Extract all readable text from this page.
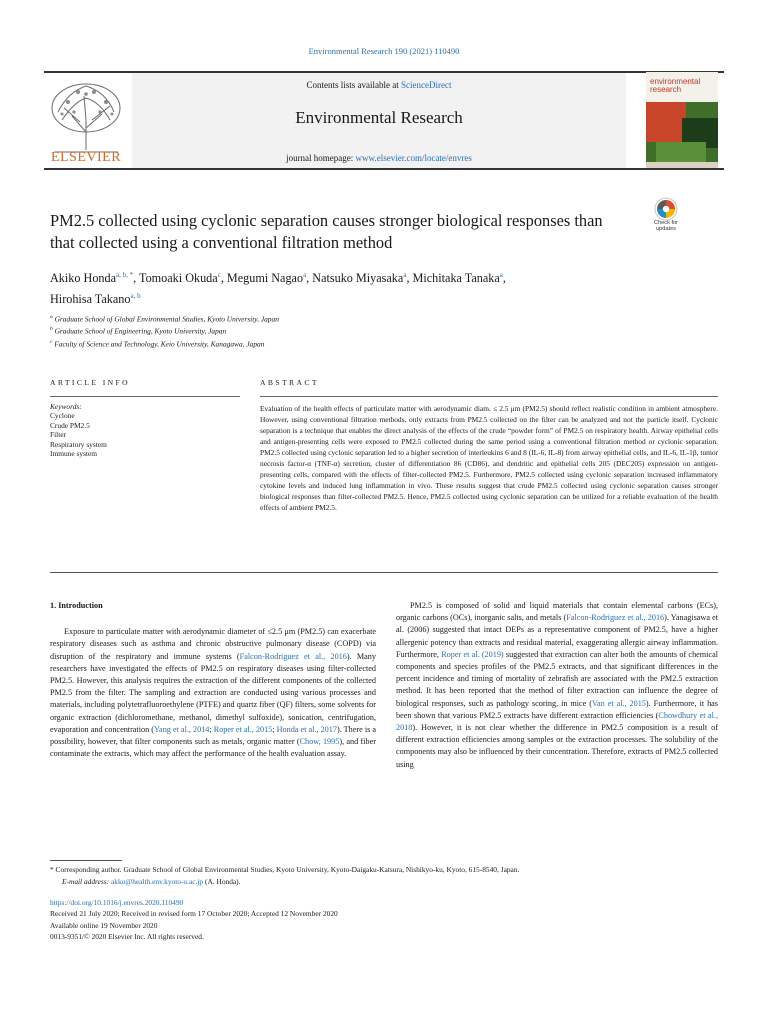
Environmental Research 190 (2021) 110490
ELSEVIER
Contents lists available at ScienceDirect
Environmental Research
journal homepage: www.elsevier.com/locate/envres
environmental research
Check for updates
PM2.5 collected using cyclonic separation causes stronger biological responses than that collected using a conventional filtration method
Akiko Honda$^{a, b, *}$, Tomoaki Okuda$^c$, Megumi Nagao$^a$, Natsuko Miyasaka$^a$, Michitaka Tanaka$^a$,
Hirohisa Takano$^{a, b}$
$^a$ Graduate School of Global Environmental Studies, Kyoto University, Japan
$^b$ Graduate School of Engineering, Kyoto University, Japan
$^c$ Faculty of Science and Technology, Keio University, Kanagawa, Japan
ARTICLE INFO	ABSTRACT
Keywords:
Cyclone
Crude PM2.5
Filter
Respiratory system
Immune system
Evaluation of the health effects of particulate matter with aerodynamic diam. ≤ 2.5 μm (PM2.5) should reflect realistic condition in ambient atmosphere. However, using conventional filtration methods, only extracts from PM2.5 collected on the filter can be analyzed and not the particle itself. Cyclonic separation is a technique that enables the direct analysis of the effects of the crude “powder form” of PM2.5 on respiratory health. Airway epithelial cells and antigen-presenting cells were exposed to PM2.5 collected during the same period using a conventional filtration method or cyclonic separation. PM2.5 collected using cyclonic separation led to a higher secretion of interleukins 6 and 8 (IL-6, IL-8) from airway epithelial cells, and IL-6, IL-1β, tumor necrosis factor-α (TNF-α) secretion, cluster of differentiation 86 (CD86), and dendritic and epithelial cells 205 (DEC205) expression on antigen-presenting cells, compared with the effects of filter-collected PM2.5. Furthermore, PM2.5 collected using cyclonic separation increased inflammatory cytokine levels and induced lung inflammation in vivo. These results suggest that crude PM2.5 collected using cyclonic separation causes stronger biological responses than filter-collected PM2.5. Hence, PM2.5 collected using cyclonic separation can be utilized for a reliable evaluation of the health effects of ambient PM2.5.

1. Introduction

Exposure to particulate matter with aerodynamic diameter of ≤2.5 μm (PM2.5) can exacerbate respiratory diseases such as asthma and chronic obstructive pulmonary disease (COPD) via disruption of the respiratory and immune systems (Falcon-Rodriguez et al., 2016). Many researchers have investigated the effects of PM2.5 on respiratory diseases using filter-collected PM2.5. However, this analysis requires the extraction of the different components of the collected PM2.5 from the filter. The sampling and extraction are conducted using various processes and materials, including polytetrafluoroethylene (PTFE) and quartz fiber (QF) filters, some solvents for organic extraction (dichloromethane, methanol, dimethyl sulfoxide), sonication, centrifugation, evaporation and concentration (Yang et al., 2014; Roper et al., 2015; Honda et al., 2017). There is a possibility, however, that filter components such as metals, organic matter (Chow, 1995), and fiber contaminate the extracts, which may affect the performance of the health evaluation assay.

PM2.5 is composed of solid and liquid materials that contain elemental carbons (ECs), organic carbons (OCs), inorganic salts, and metals (Falcon-Rodriguez et al., 2016). Yanagisawa et al. (2006) suggested that intact DEPs as a representative component of PM2.5, have a higher allergenic potency than extracts and residual material, exaggerating allergic airway inflammation. Furthermore, Roper et al. (2019) suggested that extraction can alter both the amounts of chemical components and species profiles of the PM2.5 extracts, and that significant differences in the percent incidence and timing of mortality of zebrafish are associated with the PM2.5 extraction method. It has been reported that the method of filter extraction can influence the degree of biological responses, such as pathology scoring, in mice (Van et al., 2015). Furthermore, it has been shown that various PM2.5 extracts have different extraction efficiencies (Chowdhury et al., 2018). However, it is not clear whether the difference in PM2.5 composition is a result of different extraction efficiencies among samples or the extraction processes. The solubility of the components may also be influenced by their concentration. Therefore, extracts of PM2.5 collected using

* Corresponding author. Graduate School of Global Environmental Studies, Kyoto University, Kyoto-Daigaku-Katsura, Nishikyo-ku, Kyoto, 615-8540, Japan.
E-mail address: akko@health.env.kyoto-u.ac.jp (A. Honda).
https://doi.org/10.1016/j.envres.2020.110490
Received 21 July 2020; Received in revised form 17 October 2020; Accepted 12 November 2020
Available online 19 November 2020
0013-9351/© 2020 Elsevier Inc. All rights reserved.
